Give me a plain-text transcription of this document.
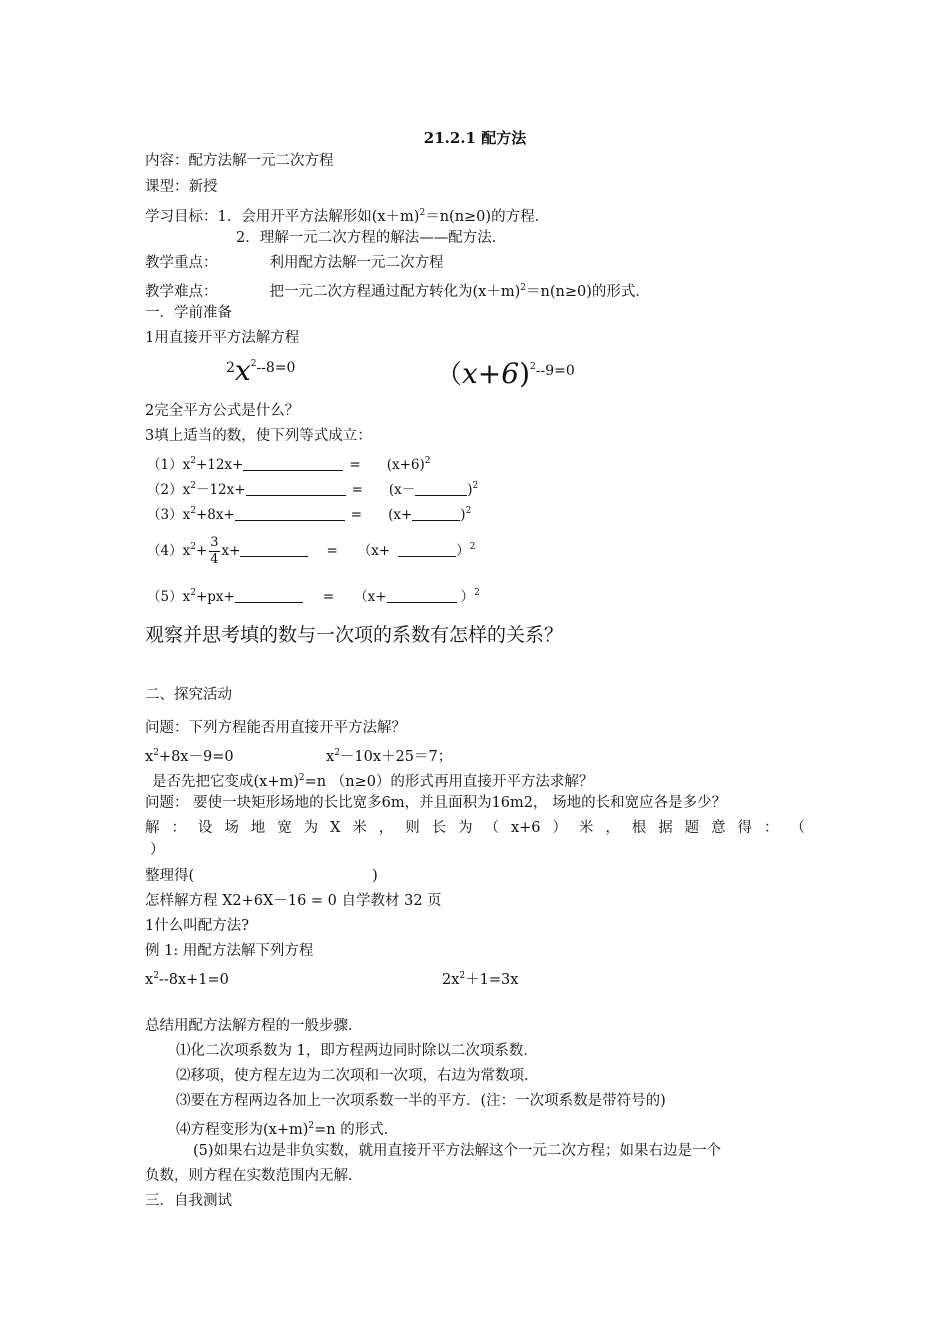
21.2.1 配方法
内容：配方法解一元二次方程
课型：新授
学习目标：1．会用开平方法解形如$(x+m)^2=n(n\ge 0)$的方程．
2．理解一元二次方程的解法——配方法．
教学重点：	利用配方法解一元二次方程
教学难点：	把一元二次方程通过配方转化为$(x+m)^2=n(n\ge 0)$的形式．
一．学前准备
1用直接开平方法解方程
$2x^2--8=0$	（x+6)$^2$--9=0
2完全平方公式是什么？
3填上适当的数，使下列等式成立：
$(1)x^2+12x+$	= $(x+6)^2$
$(2)x^2-12x+$	= (x－	)$^2$
$(3)x^2+8x+$	= (x+	)$^2$
$(4)x^2+ \frac{3}{4} x+$	= （x+	）$^2$
$(5)x^2+px+$	= （x+	）$^2$
观察并思考填的数与一次项的系数有怎样的关系？
二、探究活动
问题：下列方程能否用直接开平方法解？
$x^2+8x-9=0$	$x^2-10x+25=7$；
是否先把它变成$(x+m)^2=n$ （n≥0）的形式再用直接开平方法求解？
问题： 要使一块矩形场地的长比宽多6m，并且面积为16m2， 场地的长和宽应各是多少？
解 ： 设 场 地 宽 为 X 米 ， 则 长 为 （ x+6 ） 米 ， 根 据 题 意 得 ： （
）
整理得(	)
怎样解方程 X2+6X－16 = 0 自学教材 32 页
1什么叫配方法?
例 1: 用配方法解下列方程
$x^2--8x+1=0$	$2x^2+1=3x$
总结用配方法解方程的一般步骤．
⑴化二次项系数为 1，即方程两边同时除以二次项系数．
⑵移项，使方程左边为二次项和一次项，右边为常数项．
⑶要在方程两边各加上一次项系数一半的平方．(注：一次项系数是带符号的)
⑷方程变形为$(x+m)^2=n$ 的形式．
(5)如果右边是非负实数，就用直接开平方法解这个一元二次方程；如果右边是一个
负数，则方程在实数范围内无解．
三．自我测试
